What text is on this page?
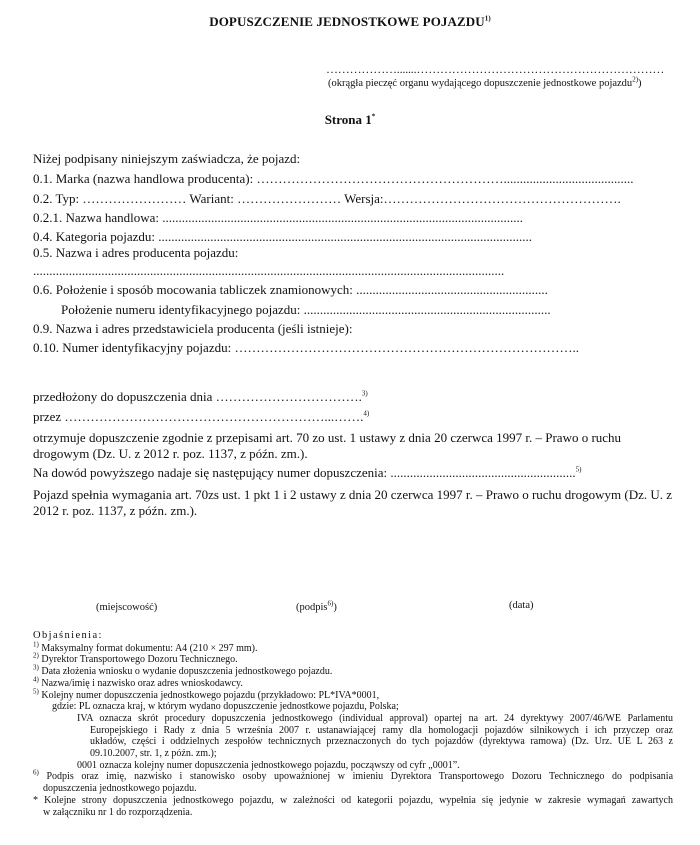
DOPUSZCZENIE JEDNOSTKOWE POJAZDU$^{1)}$
……………….......………………………………………………………
(okrągła pieczęć organu wydającego dopuszczenie jednostkowe pojazdu$^{2)}$)
Strona 1*
Niżej podpisany niniejszym zaświadcza, że pojazd:
0.1. Marka (nazwa handlowa producenta): …………………………………………………........................................
0.2. Typ: …………………… Wariant: …………………… Wersja:……………………………………………….
0.2.1. Nazwa handlowa: ...............................................................................................................
0.4. Kategoria pojazdu: ...................................................................................................................
0.5. Nazwa i adres producenta pojazdu:
.................................................................................................................................................
0.6. Położenie i sposób mocowania tabliczek znamionowych: ...........................................................
Położenie numeru identyfikacyjnego pojazdu: ............................................................................
0.9. Nazwa i adres przedstawiciela producenta (jeśli istnieje):
0.10. Numer identyfikacyjny pojazdu: ……………………………………………………………………..
przedłożony do dopuszczenia dnia …………………………….$^{3)}$
przez ……………………………………………………...…….$^{4)}$
otrzymuje dopuszczenie zgodnie z przepisami art. 70 zo ust. 1 ustawy z dnia 20 czerwca 1997 r. – Prawo o ruchu drogowym (Dz. U. z 2012 r. poz. 1137, z późn. zm.).
Na dowód powyższego nadaje się następujący numer dopuszczenia: .........................................................$^{5)}$
Pojazd spełnia wymagania art. 70zs ust. 1 pkt 1 i 2 ustawy z dnia 20 czerwca 1997 r. – Prawo o ruchu drogowym (Dz. U. z 2012 r. poz. 1137, z późn. zm.).
(miejscowość)	(podpis$^{6)}$)	(data)
Objaśnienia:
$^{1)}$ Maksymalny format dokumentu: A4 (210 × 297 mm).
$^{2)}$ Dyrektor Transportowego Dozoru Technicznego.
$^{3)}$ Data złożenia wniosku o wydanie dopuszczenia jednostkowego pojazdu.
$^{4)}$ Nazwa/imię i nazwisko oraz adres wnioskodawcy.
$^{5)}$ Kolejny numer dopuszczenia jednostkowego pojazdu (przykładowo: PL*IVA*0001,
gdzie: PL oznacza kraj, w którym wydano dopuszczenie jednostkowe pojazdu, Polska;
IVA oznacza skrót procedury dopuszczenia jednostkowego (individual approval) opartej na art. 24 dyrektywy 2007/46/WE Parlamentu
Europejskiego i Rady z dnia 5 września 2007 r. ustanawiającej ramy dla homologacji pojazdów silnikowych i ich przyczep oraz
układów, części i oddzielnych zespołów technicznych przeznaczonych do tych pojazdów (dyrektywa ramowa) (Dz. Urz. UE L 263 z
09.10.2007, str. 1, z późn. zm.);
0001 oznacza kolejny numer dopuszczenia jednostkowego pojazdu, począwszy od cyfr „0001”.
$^{6)}$ Podpis oraz imię, nazwisko i stanowisko osoby upoważnionej w imieniu Dyrektora Transportowego Dozoru Technicznego do podpisania
dopuszczenia jednostkowego pojazdu.
* Kolejne strony dopuszczenia jednostkowego pojazdu, w zależności od kategorii pojazdu, wypełnia się jedynie w zakresie wymagań zawartych
w załączniku nr 1 do rozporządzenia.
